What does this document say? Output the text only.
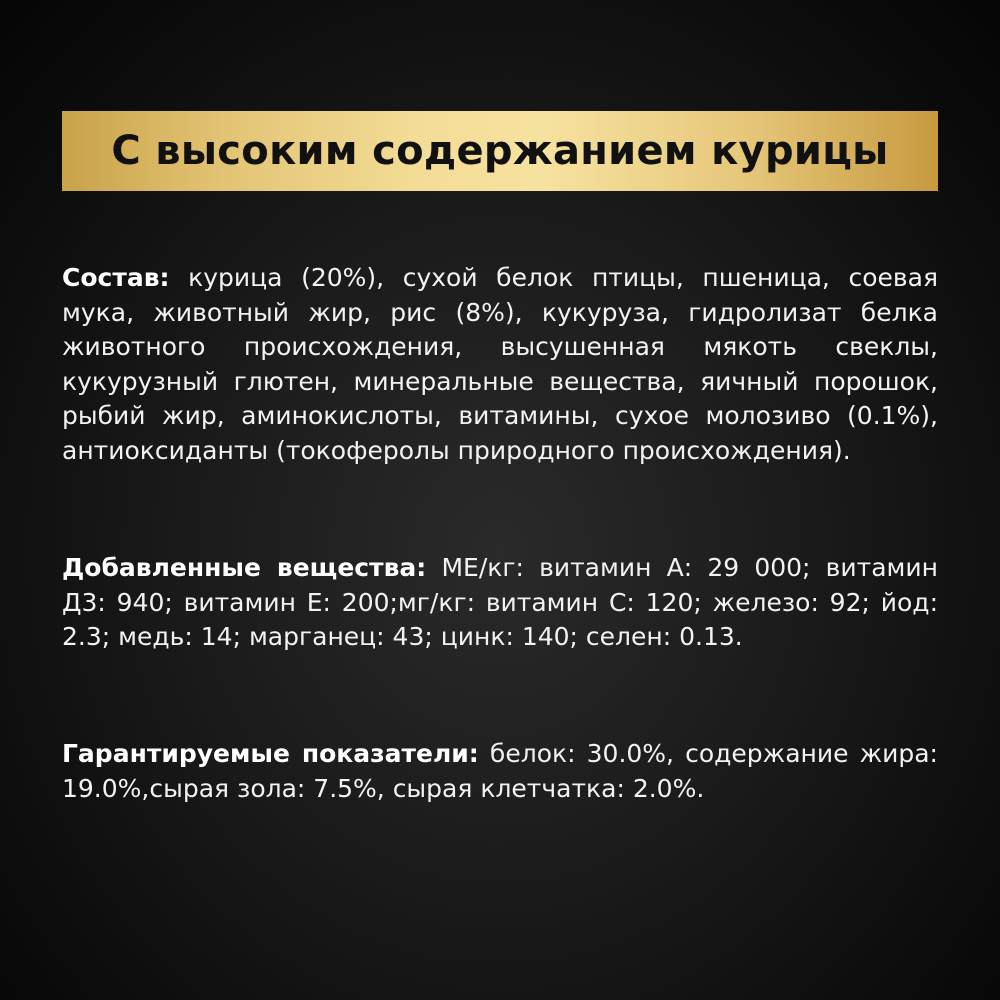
С высоким содержанием курицы
Состав: курица (20%), сухой белок птицы, пшеница, соевая мука, животный жир, рис (8%), кукуруза, гидролизат белка животного происхождения, высушенная мякоть свеклы, кукурузный глютен, минеральные вещества, яичный порошок, рыбий жир, аминокислоты, витамины, сухое молозиво (0.1%), антиоксиданты (токоферолы природного происхождения).
Добавленные вещества: МЕ/кг: витамин А: 29 000; витамин Д3: 940; витамин Е: 200;мг/кг: витамин С: 120; железо: 92; йод: 2.3; медь: 14; марганец: 43; цинк: 140; селен: 0.13.
Гарантируемые показатели: белок: 30.0%, содержание жира: 19.0%,сырая зола: 7.5%, сырая клетчатка: 2.0%.
